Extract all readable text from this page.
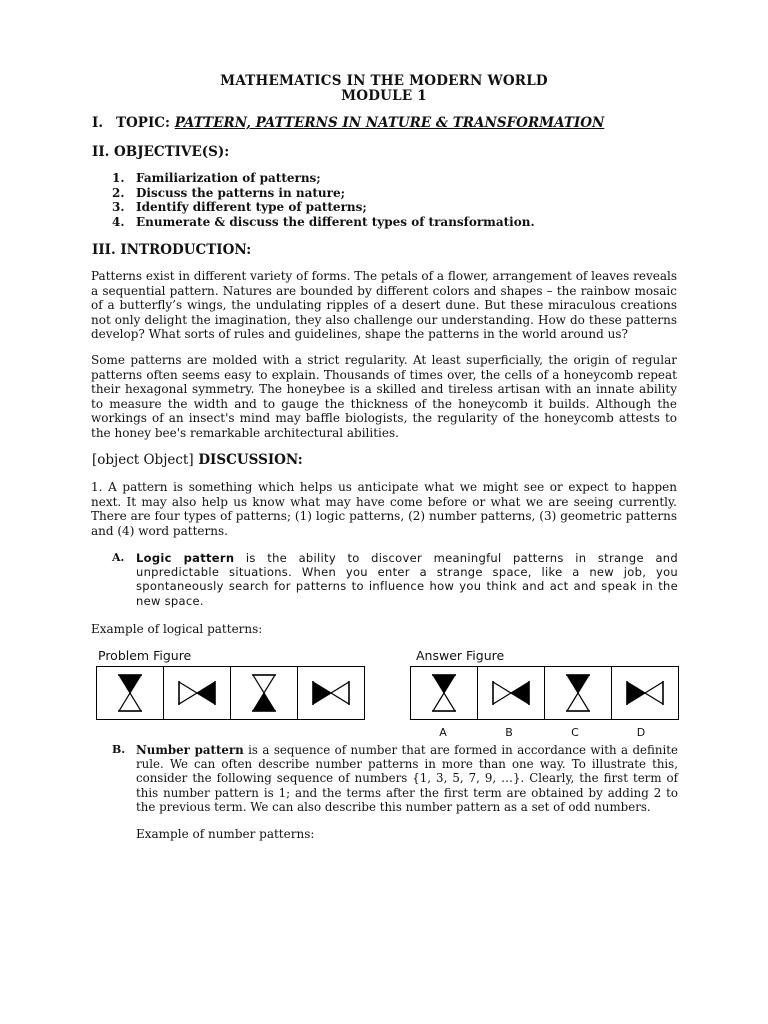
MATHEMATICS IN THE MODERN WORLD
MODULE 1
I. TOPIC: PATTERN, PATTERNS IN NATURE & TRANSFORMATION
II. OBJECTIVE(S):
1. Familiarization of patterns;
2. Discuss the patterns in nature;
3. Identify different type of patterns;
4. Enumerate & discuss the different types of transformation.
III. INTRODUCTION:

Patterns exist in different variety of forms. The petals of a flower, arrangement of leaves reveals a sequential pattern. Natures are bounded by different colors and shapes – the rainbow mosaic of a butterfly’s wings, the undulating ripples of a desert dune. But these miraculous creations not only delight the imagination, they also challenge our understanding. How do these patterns develop? What sorts of rules and guidelines, shape the patterns in the world around us?

Some patterns are molded with a strict regularity. At least superficially, the origin of regular patterns often seems easy to explain. Thousands of times over, the cells of a honeycomb repeat their hexagonal symmetry. The honeybee is a skilled and tireless artisan with an innate ability to measure the width and to gauge the thickness of the honeycomb it builds. Although the workings of an insect's mind may baffle biologists, the regularity of the honeycomb attests to the honey bee's remarkable architectural abilities.

[object Object] DISCUSSION:

1. A pattern is something which helps us anticipate what we might see or expect to happen next. It may also help us know what may have come before or what we are seeing currently. There are four types of patterns; (1) logic patterns, (2) number patterns, (3) geometric patterns and (4) word patterns.

A. Logic pattern is the ability to discover meaningful patterns in strange and unpredictable situations. When you enter a strange space, like a new job, you spontaneously search for patterns to influence how you think and act and speak in the new space.
Example of logical patterns:
Problem Figure	Answer Figure
A	B	C	D
B. Number pattern is a sequence of number that are formed in accordance with a definite rule. We can often describe number patterns in more than one way. To illustrate this, consider the following sequence of numbers {1, 3, 5, 7, 9, …}. Clearly, the first term of this number pattern is 1; and the terms after the first term are obtained by adding 2 to the previous term. We can also describe this number pattern as a set of odd numbers.
Example of number patterns:
